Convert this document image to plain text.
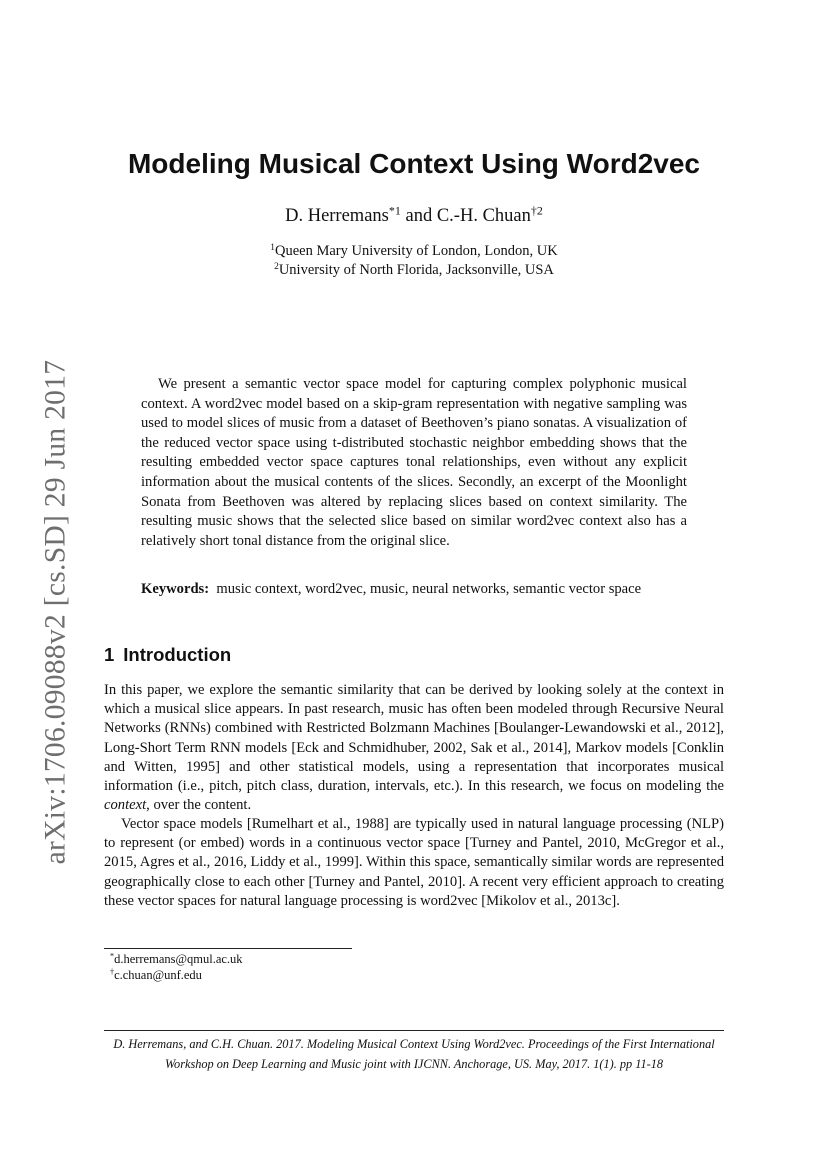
arXiv:1706.09088v2 [cs.SD] 29 Jun 2017
Modeling Musical Context Using Word2vec
D. Herremans$^{*1}$ and C.-H. Chuan$^{\dagger 2}$
$^1$Queen Mary University of London, London, UK
$^2$University of North Florida, Jacksonville, USA

We present a semantic vector space model for capturing complex polyphonic musical context. A word2vec model based on a skip-gram representation with negative sampling was used to model slices of music from a dataset of Beethoven’s piano sonatas. A visualization of the reduced vector space using t-distributed stochastic neighbor embedding shows that the resulting embedded vector space captures tonal relationships, even without any explicit information about the musical contents of the slices. Secondly, an excerpt of the Moonlight Sonata from Beethoven was altered by replacing slices based on context similarity. The resulting music shows that the selected slice based on similar word2vec context also has a relatively short tonal distance from the original slice.

Keywords: music context, word2vec, music, neural networks, semantic vector space

1 Introduction

In this paper, we explore the semantic similarity that can be derived by looking solely at the context in which a musical slice appears. In past research, music has often been modeled through Recursive Neural Networks (RNNs) combined with Restricted Bolzmann Machines [Boulanger-Lewandowski et al., 2012], Long-Short Term RNN models [Eck and Schmidhuber, 2002, Sak et al., 2014], Markov models [Conklin and Witten, 1995] and other statistical models, using a representation that incorporates musical information (i.e., pitch, pitch class, duration, intervals, etc.). In this research, we focus on modeling the context, over the content.

Vector space models [Rumelhart et al., 1988] are typically used in natural language processing (NLP) to represent (or embed) words in a continuous vector space [Turney and Pantel, 2010, McGregor et al., 2015, Agres et al., 2016, Liddy et al., 1999]. Within this space, semantically similar words are represented geographically close to each other [Turney and Pantel, 2010]. A recent very efficient approach to creating these vector spaces for natural language processing is word2vec [Mikolov et al., 2013c].

*d.herremans@qmul.ac.uk
†c.chuan@unf.edu

D. Herremans, and C.H. Chuan. 2017. Modeling Musical Context Using Word2vec. Proceedings of the First International Workshop on Deep Learning and Music joint with IJCNN. Anchorage, US. May, 2017. 1(1). pp 11-18
